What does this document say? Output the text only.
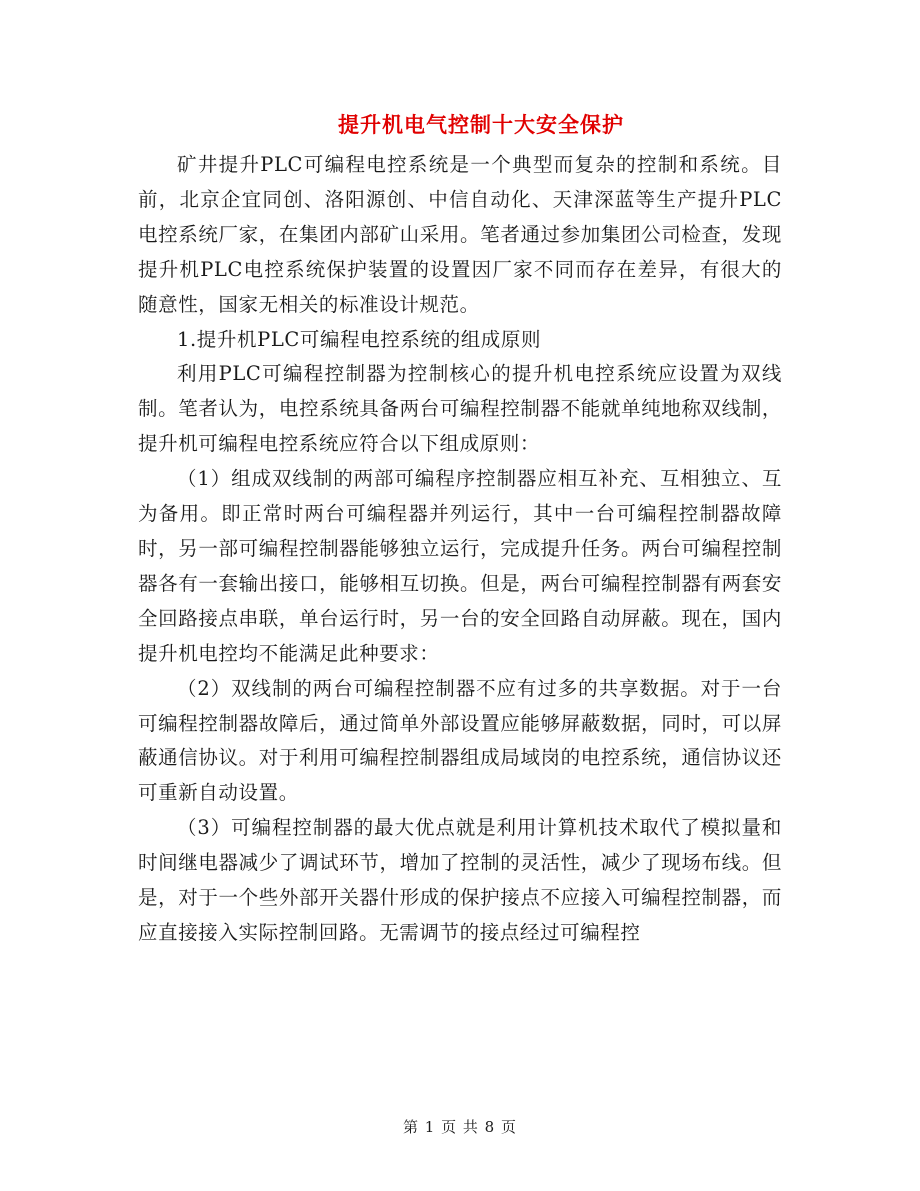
提升机电气控制十大安全保护

矿井提升PLC可编程电控系统是一个典型而复杂的控制和系统。目前，北京企宜同创、洛阳源创、中信自动化、天津深蓝等生产提升PLC电控系统厂家，在集团内部矿山采用。笔者通过参加集团公司检查，发现提升机PLC电控系统保护装置的设置因厂家不同而存在差异，有很大的随意性，国家无相关的标准设计规范。

1.提升机PLC可编程电控系统的组成原则

利用PLC可编程控制器为控制核心的提升机电控系统应设置为双线制。笔者认为，电控系统具备两台可编程控制器不能就单纯地称双线制，提升机可编程电控系统应符合以下组成原则：

（1）组成双线制的两部可编程序控制器应相互补充、互相独立、互为备用。即正常时两台可编程器并列运行，其中一台可编程控制器故障时，另一部可编程控制器能够独立运行，完成提升任务。两台可编程控制器各有一套输出接口，能够相互切换。但是，两台可编程控制器有两套安全回路接点串联，单台运行时，另一台的安全回路自动屏蔽。现在，国内提升机电控均不能满足此种要求：

（2）双线制的两台可编程控制器不应有过多的共享数据。对于一台可编程控制器故障后，通过简单外部设置应能够屏蔽数据，同时，可以屏蔽通信协议。对于利用可编程控制器组成局域岗的电控系统，通信协议还可重新自动设置。

（3）可编程控制器的最大优点就是利用计算机技术取代了模拟量和时间继电器减少了调试环节，增加了控制的灵活性，减少了现场布线。但是，对于一个些外部开关器什形成的保护接点不应接入可编程控制器，而应直接接入实际控制回路。无需调节的接点经过可编程控

第 1 页 共 8 页
